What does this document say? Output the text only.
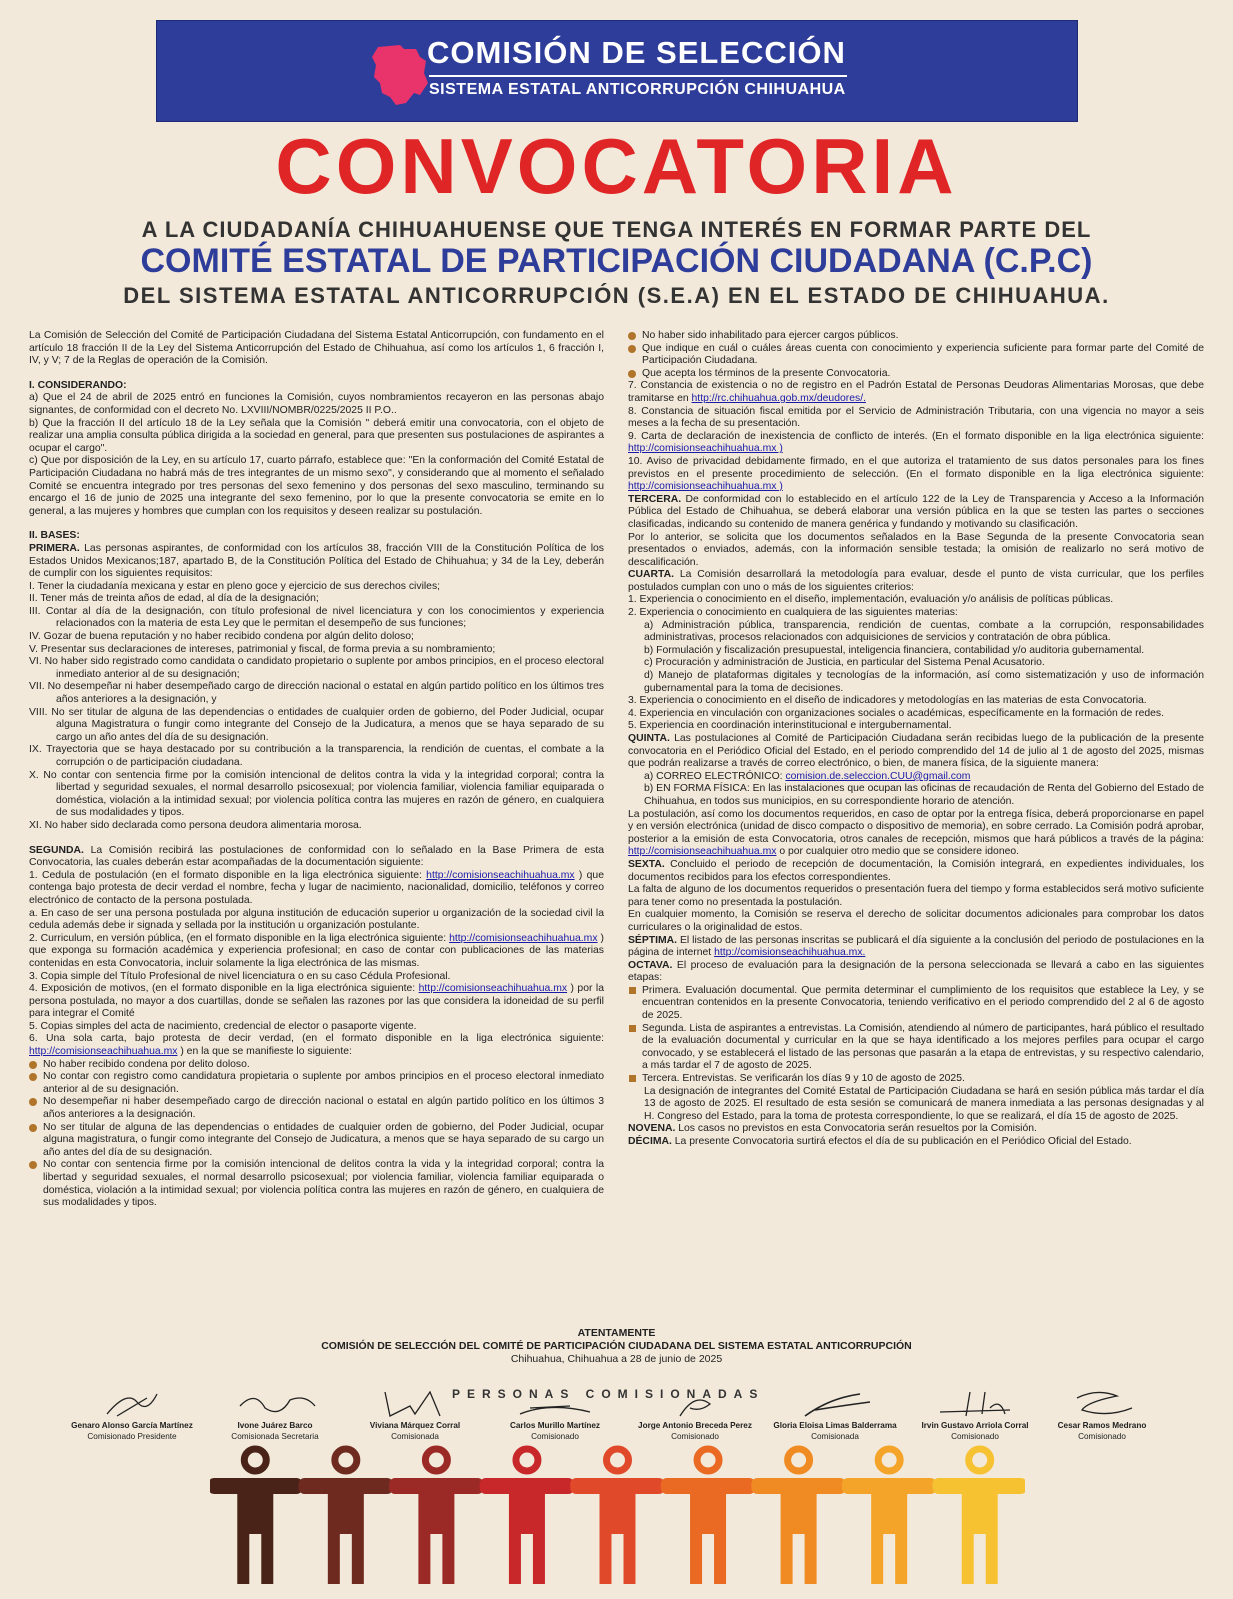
COMISIÓN DE SELECCIÓN
SISTEMA ESTATAL ANTICORRUPCIÓN CHIHUAHUA
CONVOCATORIA
A LA CIUDADANÍA CHIHUAHUENSE QUE TENGA INTERÉS EN FORMAR PARTE DEL
COMITÉ ESTATAL DE PARTICIPACIÓN CIUDADANA (C.P.C)
DEL SISTEMA ESTATAL ANTICORRUPCIÓN (S.E.A) EN EL ESTADO DE CHIHUAHUA.

La Comisión de Selección del Comité de Participación Ciudadana del Sistema Estatal Anticorrupción, con fundamento en el artículo 18 fracción II de la Ley del Sistema Anticorrupción del Estado de Chihuahua, así como los artículos 1, 6 fracción I, IV, y V; 7 de la Reglas de operación de la Comisión.

I. CONSIDERANDO:

a) Que el 24 de abril de 2025 entró en funciones la Comisión, cuyos nombramientos recayeron en las personas abajo signantes, de conformidad con el decreto No. LXVIII/NOMBR/0225/2025 II P.O..

b) Que la fracción II del artículo 18 de la Ley señala que la Comisión " deberá emitir una convocatoria, con el objeto de realizar una amplia consulta pública dirigida a la sociedad en general, para que presenten sus postulaciones de aspirantes a ocupar el cargo".

c) Que por disposición de la Ley, en su artículo 17, cuarto párrafo, establece que: "En la conformación del Comité Estatal de Participación Ciudadana no habrá más de tres integrantes de un mismo sexo", y considerando que al momento el señalado Comité se encuentra integrado por tres personas del sexo femenino y dos personas del sexo masculino, terminando su encargo el 16 de junio de 2025 una integrante del sexo femenino, por lo que la presente convocatoria se emite en lo general, a las mujeres y hombres que cumplan con los requisitos y deseen realizar su postulación.

II. BASES:

PRIMERA. Las personas aspirantes, de conformidad con los artículos 38, fracción VIII de la Constitución Política de los Estados Unidos Mexicanos;187, apartado B, de la Constitución Política del Estado de Chihuahua; y 34 de la Ley, deberán de cumplir con los siguientes requisitos:

I. Tener la ciudadanía mexicana y estar en pleno goce y ejercicio de sus derechos civiles;

II. Tener más de treinta años de edad, al día de la designación;

III. Contar al día de la designación, con título profesional de nivel licenciatura y con los conocimientos y experiencia relacionados con la materia de esta Ley que le permitan el desempeño de sus funciones;

IV. Gozar de buena reputación y no haber recibido condena por algún delito doloso;

V. Presentar sus declaraciones de intereses, patrimonial y fiscal, de forma previa a su nombramiento;

VI. No haber sido registrado como candidata o candidato propietario o suplente por ambos principios, en el proceso electoral inmediato anterior al de su designación;

VII. No desempeñar ni haber desempeñado cargo de dirección nacional o estatal en algún partido político en los últimos tres años anteriores a la designación, y

VIII. No ser titular de alguna de las dependencias o entidades de cualquier orden de gobierno, del Poder Judicial, ocupar alguna Magistratura o fungir como integrante del Consejo de la Judicatura, a menos que se haya separado de su cargo un año antes del día de su designación.

IX. Trayectoria que se haya destacado por su contribución a la transparencia, la rendición de cuentas, el combate a la corrupción o de participación ciudadana.

X. No contar con sentencia firme por la comisión intencional de delitos contra la vida y la integridad corporal; contra la libertad y seguridad sexuales, el normal desarrollo psicosexual; por violencia familiar, violencia familiar equiparada o doméstica, violación a la intimidad sexual; por violencia política contra las mujeres en razón de género, en cualquiera de sus modalidades y tipos.

XI. No haber sido declarada como persona deudora alimentaria morosa.

SEGUNDA. La Comisión recibirá las postulaciones de conformidad con lo señalado en la Base Primera de esta Convocatoria, las cuales deberán estar acompañadas de la documentación siguiente:

1. Cedula de postulación (en el formato disponible en la liga electrónica siguiente: http://comisionseachihuahua.mx ) que contenga bajo protesta de decir verdad el nombre, fecha y lugar de nacimiento, nacionalidad, domicilio, teléfonos y correo electrónico de contacto de la persona postulada.

a. En caso de ser una persona postulada por alguna institución de educación superior u organización de la sociedad civil la cedula además debe ir signada y sellada por la institución u organización postulante.

2. Curriculum, en versión pública, (en el formato disponible en la liga electrónica siguiente: http://comisionseachihuahua.mx ) que exponga su formación académica y experiencia profesional; en caso de contar con publicaciones de las materias contenidas en esta Convocatoria, incluir solamente la liga electrónica de las mismas.

3. Copia simple del Título Profesional de nivel licenciatura o en su caso Cédula Profesional.

4. Exposición de motivos, (en el formato disponible en la liga electrónica siguiente: http://comisionseachihuahua.mx ) por la persona postulada, no mayor a dos cuartillas, donde se señalen las razones por las que considera la idoneidad de su perfil para integrar el Comité

5. Copias simples del acta de nacimiento, credencial de elector o pasaporte vigente.

6. Una sola carta, bajo protesta de decir verdad, (en el formato disponible en la liga electrónica siguiente: http://comisionseachihuahua.mx ) en la que se manifieste lo siguiente:

No haber recibido condena por delito doloso.

No contar con registro como candidatura propietaria o suplente por ambos principios en el proceso electoral inmediato anterior al de su designación.

No desempeñar ni haber desempeñado cargo de dirección nacional o estatal en algún partido político en los últimos 3 años anteriores a la designación.

No ser titular de alguna de las dependencias o entidades de cualquier orden de gobierno, del Poder Judicial, ocupar alguna magistratura, o fungir como integrante del Consejo de Judicatura, a menos que se haya separado de su cargo un año antes del día de su designación.

No contar con sentencia firme por la comisión intencional de delitos contra la vida y la integridad corporal; contra la libertad y seguridad sexuales, el normal desarrollo psicosexual; por violencia familiar, violencia familiar equiparada o doméstica, violación a la intimidad sexual; por violencia política contra las mujeres en razón de género, en cualquiera de sus modalidades y tipos.

No haber sido inhabilitado para ejercer cargos públicos.

Que indique en cuál o cuáles áreas cuenta con conocimiento y experiencia suficiente para formar parte del Comité de Participación Ciudadana.

Que acepta los términos de la presente Convocatoria.

7. Constancia de existencia o no de registro en el Padrón Estatal de Personas Deudoras Alimentarias Morosas, que debe tramitarse en http://rc.chihuahua.gob.mx/deudores/.

8. Constancia de situación fiscal emitida por el Servicio de Administración Tributaria, con una vigencia no mayor a seis meses a la fecha de su presentación.

9. Carta de declaración de inexistencia de conflicto de interés. (En el formato disponible en la liga electrónica siguiente: http://comisionseachihuahua.mx )

10. Aviso de privacidad debidamente firmado, en el que autoriza el tratamiento de sus datos personales para los fines previstos en el presente procedimiento de selección. (En el formato disponible en la liga electrónica siguiente: http://comisionseachihuahua.mx )

TERCERA. De conformidad con lo establecido en el artículo 122 de la Ley de Transparencia y Acceso a la Información Pública del Estado de Chihuahua, se deberá elaborar una versión pública en la que se testen las partes o secciones clasificadas, indicando su contenido de manera genérica y fundando y motivando su clasificación.

Por lo anterior, se solicita que los documentos señalados en la Base Segunda de la presente Convocatoria sean presentados o enviados, además, con la información sensible testada; la omisión de realizarlo no será motivo de descalificación.

CUARTA. La Comisión desarrollará la metodología para evaluar, desde el punto de vista curricular, que los perfiles postulados cumplan con uno o más de los siguientes criterios:

1. Experiencia o conocimiento en el diseño, implementación, evaluación y/o análisis de políticas públicas.

2. Experiencia o conocimiento en cualquiera de las siguientes materias:

a) Administración pública, transparencia, rendición de cuentas, combate a la corrupción, responsabilidades administrativas, procesos relacionados con adquisiciones de servicios y contratación de obra pública.

b) Formulación y fiscalización presupuestal, inteligencia financiera, contabilidad y/o auditoria gubernamental.

c) Procuración y administración de Justicia, en particular del Sistema Penal Acusatorio.

d) Manejo de plataformas digitales y tecnologías de la información, así como sistematización y uso de información gubernamental para la toma de decisiones.

3. Experiencia o conocimiento en el diseño de indicadores y metodologías en las materias de esta Convocatoria.

4. Experiencia en vinculación con organizaciones sociales o académicas, específicamente en la formación de redes.

5. Experiencia en coordinación interinstitucional e intergubernamental.

QUINTA. Las postulaciones al Comité de Participación Ciudadana serán recibidas luego de la publicación de la presente convocatoria en el Periódico Oficial del Estado, en el periodo comprendido del 14 de julio al 1 de agosto del 2025, mismas que podrán realizarse a través de correo electrónico, o bien, de manera física, de la siguiente manera:

a) CORREO ELECTRÓNICO: comision.de.seleccion.CUU@gmail.com

b) EN FORMA FÍSICA: En las instalaciones que ocupan las oficinas de recaudación de Renta del Gobierno del Estado de Chihuahua, en todos sus municipios, en su correspondiente horario de atención.

La postulación, así como los documentos requeridos, en caso de optar por la entrega física, deberá proporcionarse en papel y en versión electrónica (unidad de disco compacto o dispositivo de memoria), en sobre cerrado. La Comisión podrá aprobar, posterior a la emisión de esta Convocatoria, otros canales de recepción, mismos que hará públicos a través de la página: http://comisionseachihuahua.mx o por cualquier otro medio que se considere idoneo.

SEXTA. Concluido el periodo de recepción de documentación, la Comisión integrará, en expedientes individuales, los documentos recibidos para los efectos correspondientes.

La falta de alguno de los documentos requeridos o presentación fuera del tiempo y forma establecidos será motivo suficiente para tener como no presentada la postulación.

En cualquier momento, la Comisión se reserva el derecho de solicitar documentos adicionales para comprobar los datos curriculares o la originalidad de estos.

SÉPTIMA. El listado de las personas inscritas se publicará el día siguiente a la conclusión del periodo de postulaciones en la página de internet http://comisionseachihuahua.mx.

OCTAVA. El proceso de evaluación para la designación de la persona seleccionada se llevará a cabo en las siguientes etapas:

Primera. Evaluación documental. Que permita determinar el cumplimiento de los requisitos que establece la Ley, y se encuentran contenidos en la presente Convocatoria, teniendo verificativo en el periodo comprendido del 2 al 6 de agosto de 2025.

Segunda. Lista de aspirantes a entrevistas. La Comisión, atendiendo al número de participantes, hará público el resultado de la evaluación documental y curricular en la que se haya identificado a los mejores perfiles para ocupar el cargo convocado, y se establecerá el listado de las personas que pasarán a la etapa de entrevistas, y su respectivo calendario, a más tardar el 7 de agosto de 2025.

Tercera. Entrevistas. Se verificarán los días 9 y 10 de agosto de 2025.

La designación de integrantes del Comité Estatal de Participación Ciudadana se hará en sesión pública más tardar el día 13 de agosto de 2025. El resultado de esta sesión se comunicará de manera inmediata a las personas designadas y al H. Congreso del Estado, para la toma de protesta correspondiente, lo que se realizará, el día 15 de agosto de 2025.

NOVENA. Los casos no previstos en esta Convocatoria serán resueltos por la Comisión.

DÉCIMA. La presente Convocatoria surtirá efectos el día de su publicación en el Periódico Oficial del Estado.

ATENTAMENTE
COMISIÓN DE SELECCIÓN DEL COMITÉ DE PARTICIPACIÓN CIUDADANA DEL SISTEMA ESTATAL ANTICORRUPCIÓN
Chihuahua, Chihuahua a 28 de junio de 2025
PERSONAS COMISIONADAS
Genaro Alonso García Martínez
Comisionado Presidente
Ivone Juárez Barco
Comisionada Secretaria
Viviana Márquez Corral
Comisionada
Carlos Murillo Martínez
Comisionado
Jorge Antonio Breceda Perez
Comisionado
Gloria Eloisa Limas Balderrama
Comisionada
Irvin Gustavo Arriola Corral
Comisionado
Cesar Ramos Medrano
Comisionado
